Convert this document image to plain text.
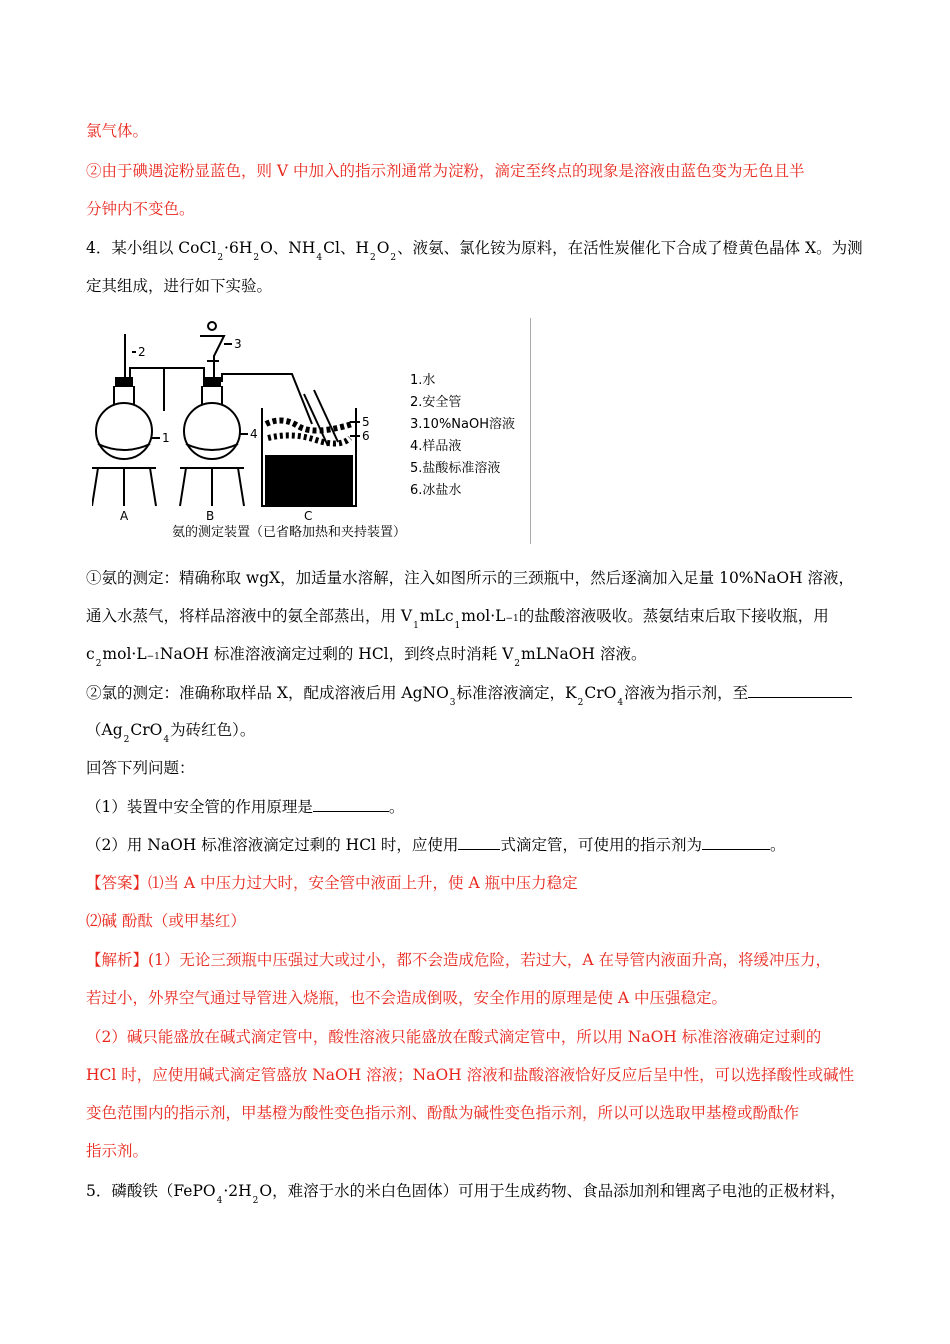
氯气体。
②由于碘遇淀粉显蓝色，则 V 中加入的指示剂通常为淀粉，滴定至终点的现象是溶液由蓝色变为无色且半
分钟内不变色。
4．某小组以 $CoCl_2\cdot 6H_2O$、$NH_4Cl$、$H_2O_2$、液氨、氯化铵为原料，在活性炭催化下合成了橙黄色晶体 X。为测
定其组成，进行如下实验。
2
3
1	4
5
6
A	B	C
1.水
2.安全管
3.10%NaOH溶液
4.样品液
5.盐酸标准溶液
6.冰盐水
氨的测定装置（已省略加热和夹持装置）
①氨的测定：精确称取 wgX，加适量水溶解，注入如图所示的三颈瓶中，然后逐滴加入足量 10%NaOH 溶液，
通入水蒸气，将样品溶液中的氨全部蒸出，用 $V_1mLc_1mol\cdot L-1$的盐酸溶液吸收。蒸氨结束后取下接收瓶，用
$c_2mol\cdot L-1NaOH$ 标准溶液滴定过剩的 HCl，到终点时消耗 $V_2mLNaOH$ 溶液。
②氯的测定：准确称取样品 X，配成溶液后用 AgNO$_3$标准溶液滴定，$K_2CrO_4$溶液为指示剂，至
（$Ag_2CrO_4$为砖红色）。
回答下列问题：
（1）装置中安全管的作用原理是	。
（2）用 NaOH 标准溶液滴定过剩的 HCl 时，应使用	式滴定管，可使用的指示剂为	。
【答案】⑴当 A 中压力过大时，安全管中液面上升，使 A 瓶中压力稳定
⑵碱 酚酞（或甲基红）
【解析】(1）无论三颈瓶中压强过大或过小，都不会造成危险，若过大，A 在导管内液面升高，将缓冲压力，
若过小，外界空气通过导管进入烧瓶，也不会造成倒吸，安全作用的原理是使 A 中压强稳定。
（2）碱只能盛放在碱式滴定管中，酸性溶液只能盛放在酸式滴定管中，所以用 NaOH 标准溶液确定过剩的
HCl 时，应使用碱式滴定管盛放 NaOH 溶液；NaOH 溶液和盐酸溶液恰好反应后呈中性，可以选择酸性或碱性
变色范围内的指示剂，甲基橙为酸性变色指示剂、酚酞为碱性变色指示剂，所以可以选取甲基橙或酚酞作
指示剂。
5．磷酸铁（$FePO_4\cdot 2H_2O$，难溶于水的米白色固体）可用于生成药物、食品添加剂和锂离子电池的正极材料，
